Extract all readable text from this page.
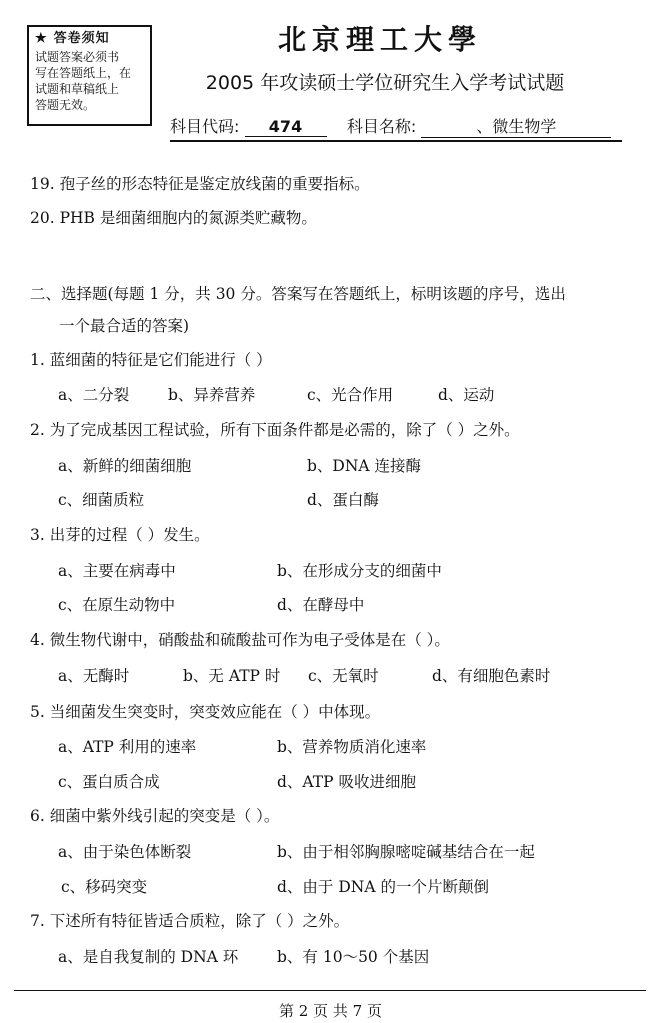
★ 答卷须知
试题答案必须书
写在答题纸上，在
试题和草稿纸上
答题无效。
北京理工大學
2005 年攻读硕士学位研究生入学考试试题
科目代码: 474	科目名称:	、微生物学
19. 孢子丝的形态特征是鉴定放线菌的重要指标。
20. PHB 是细菌细胞内的氮源类贮藏物。
二、选择题(每题 1 分，共 30 分。答案写在答题纸上，标明该题的序号，选出
一个最合适的答案)
1. 蓝细菌的特征是它们能进行（ ）
a、二分裂	b、异养营养	c、光合作用	d、运动
2. 为了完成基因工程试验，所有下面条件都是必需的，除了（ ）之外。
a、新鲜的细菌细胞	b、DNA 连接酶
c、细菌质粒	d、蛋白酶
3. 出芽的过程（ ）发生。
a、主要在病毒中	b、在形成分支的细菌中
c、在原生动物中	d、在酵母中
4. 微生物代谢中，硝酸盐和硫酸盐可作为电子受体是在（ ）。
a、无酶时	b、无 ATP 时 c、无氧时	d、有细胞色素时
5. 当细菌发生突变时，突变效应能在（ ）中体现。
a、ATP 利用的速率	b、营养物质消化速率
c、蛋白质合成	d、ATP 吸收进细胞
6. 细菌中紫外线引起的突变是（ ）。
a、由于染色体断裂	b、由于相邻胸腺嘧啶碱基结合在一起
c、移码突变	d、由于 DNA 的一个片断颠倒
7. 下述所有特征皆适合质粒，除了（ ）之外。
a、是自我复制的 DNA 环 b、有 10～50 个基因
第 2 页 共 7 页
